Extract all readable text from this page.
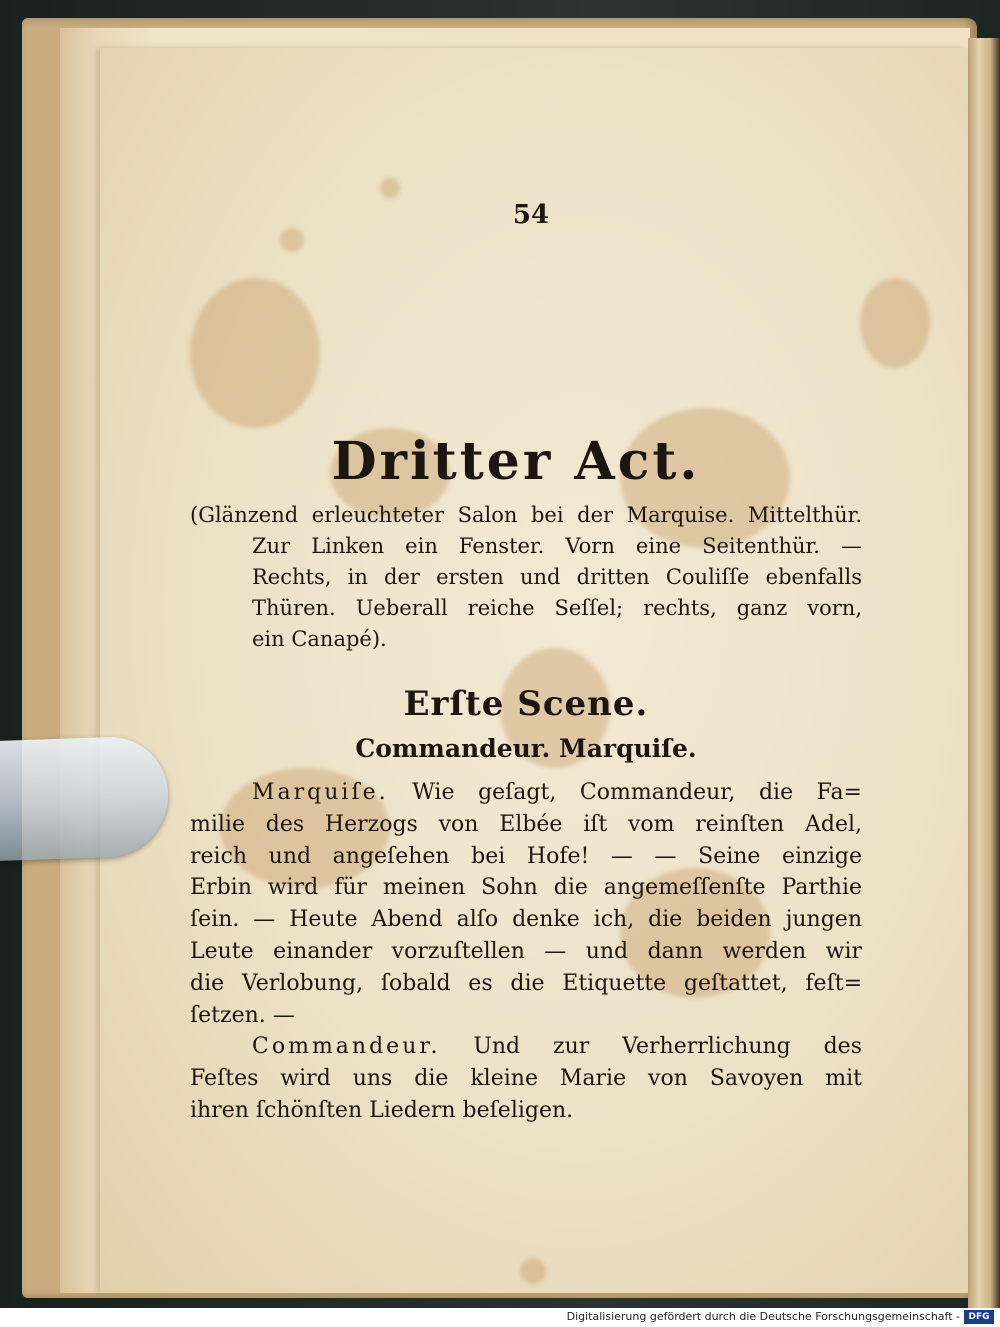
54
Dritter Act.
(Glänzend erleuchteter Salon bei der Marquise. Mittelthür.
Zur Linken ein Fenster. Vorn eine Seitenthür. —
Rechts, in der ersten und dritten Couliſſe ebenfalls
Thüren. Ueberall reiche Seſſel; rechts, ganz vorn,
ein Canapé).
Erſte Scene.
Commandeur. Marquiſe.
Marquiſe. Wie geſagt, Commandeur, die Fa=
milie des Herzogs von Elbée iſt vom reinſten Adel,
reich und angeſehen bei Hofe! — — Seine einzige
Erbin wird für meinen Sohn die angemeſſenſte Parthie
ſein. — Heute Abend alſo denke ich, die beiden jungen
Leute einander vorzuſtellen — und dann werden wir
die Verlobung, ſobald es die Etiquette geſtattet, feſt=
ſetzen. —
Commandeur. Und zur Verherrlichung des
Feſtes wird uns die kleine Marie von Savoyen mit
ihren ſchönſten Liedern beſeligen.
Digitalisierung gefördert durch die Deutsche Forschungsgemeinschaft - DFG
